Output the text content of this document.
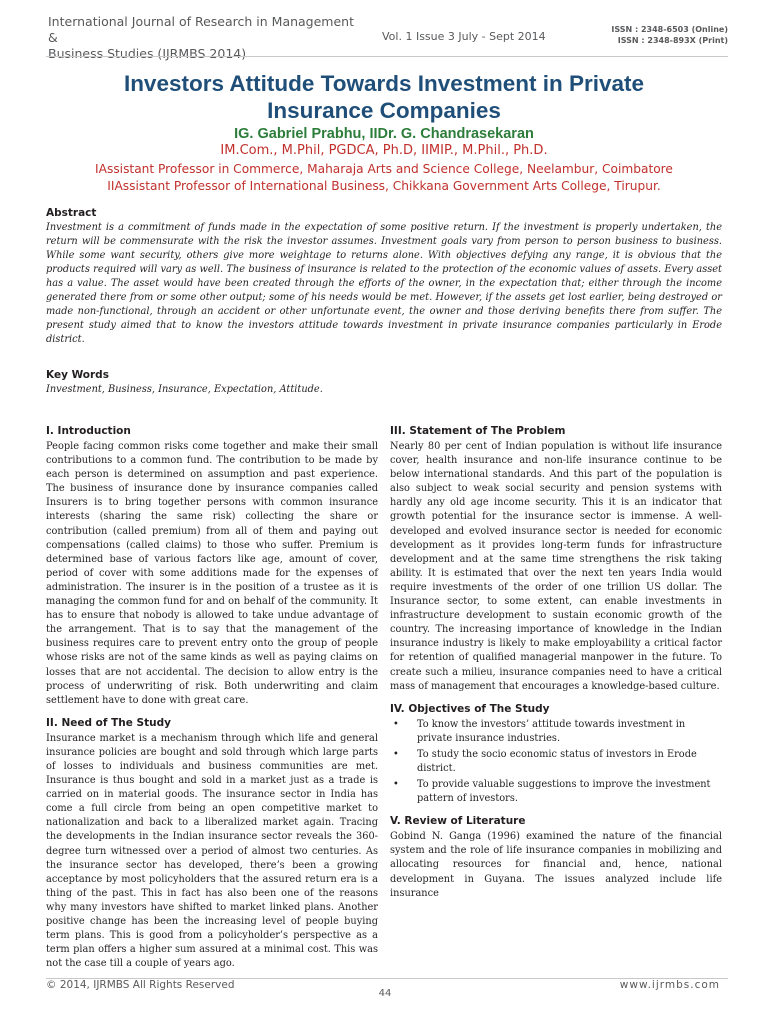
International Journal of Research in Management &
Business Studies (IJRMBS 2014)
Vol. 1 Issue 3 July - Sept 2014
ISSN : 2348-6503 (Online)
ISSN : 2348-893X (Print)
Investors Attitude Towards Investment in Private
Insurance Companies

IG. Gabriel Prabhu, IIDr. G. Chandrasekaran

IM.Com., M.Phil, PGDCA, Ph.D, IIMIP., M.Phil., Ph.D.

IAssistant Professor in Commerce, Maharaja Arts and Science College, Neelambur, Coimbatore

IIAssistant Professor of International Business, Chikkana Government Arts College, Tirupur.

Abstract

Investment is a commitment of funds made in the expectation of some positive return. If the investment is properly undertaken, the return will be commensurate with the risk the investor assumes. Investment goals vary from person to person business to business. While some want security, others give more weightage to returns alone. With objectives defying any range, it is obvious that the products required will vary as well. The business of insurance is related to the protection of the economic values of assets. Every asset has a value. The asset would have been created through the efforts of the owner, in the expectation that; either through the income generated there from or some other output; some of his needs would be met. However, if the assets get lost earlier, being destroyed or made non-functional, through an accident or other unfortunate event, the owner and those deriving benefits there from suffer. The present study aimed that to know the investors attitude towards investment in private insurance companies particularly in Erode district.

Key Words

Investment, Business, Insurance, Expectation, Attitude.

I. Introduction

People facing common risks come together and make their small contributions to a common fund. The contribution to be made by each person is determined on assumption and past experience. The business of insurance done by insurance companies called Insurers is to bring together persons with common insurance interests (sharing the same risk) collecting the share or contribution (called premium) from all of them and paying out compensations (called claims) to those who suffer. Premium is determined base of various factors like age, amount of cover, period of cover with some additions made for the expenses of administration. The insurer is in the position of a trustee as it is managing the common fund for and on behalf of the community. It has to ensure that nobody is allowed to take undue advantage of the arrangement. That is to say that the management of the business requires care to prevent entry onto the group of people whose risks are not of the same kinds as well as paying claims on losses that are not accidental. The decision to allow entry is the process of underwriting of risk. Both underwriting and claim settlement have to done with great care.

II. Need of The Study

Insurance market is a mechanism through which life and general insurance policies are bought and sold through which large parts of losses to individuals and business communities are met. Insurance is thus bought and sold in a market just as a trade is carried on in material goods. The insurance sector in India has come a full circle from being an open competitive market to nationalization and back to a liberalized market again. Tracing the developments in the Indian insurance sector reveals the 360-degree turn witnessed over a period of almost two centuries. As the insurance sector has developed, there’s been a growing acceptance by most policyholders that the assured return era is a thing of the past. This in fact has also been one of the reasons why many investors have shifted to market linked plans. Another positive change has been the increasing level of people buying term plans. This is good from a policyholder’s perspective as a term plan offers a higher sum assured at a minimal cost. This was not the case till a couple of years ago.

III. Statement of The Problem

Nearly 80 per cent of Indian population is without life insurance cover, health insurance and non-life insurance continue to be below international standards. And this part of the population is also subject to weak social security and pension systems with hardly any old age income security. This it is an indicator that growth potential for the insurance sector is immense. A well-developed and evolved insurance sector is needed for economic development as it provides long-term funds for infrastructure development and at the same time strengthens the risk taking ability. It is estimated that over the next ten years India would require investments of the order of one trillion US dollar. The Insurance sector, to some extent, can enable investments in infrastructure development to sustain economic growth of the country. The increasing importance of knowledge in the Indian insurance industry is likely to make employability a critical factor for retention of qualified managerial manpower in the future. To create such a milieu, insurance companies need to have a critical mass of management that encourages a knowledge-based culture.

IV. Objectives of The Study
• To know the investors’ attitude towards investment in private insurance industries.
• To study the socio economic status of investors in Erode district.
• To provide valuable suggestions to improve the investment pattern of investors.
V. Review of Literature

Gobind N. Ganga (1996) examined the nature of the financial system and the role of life insurance companies in mobilizing and allocating resources for financial and, hence, national development in Guyana. The issues analyzed include life insurance

© 2014, IJRMBS All Rights Reserved
44
www.ijrmbs.com
